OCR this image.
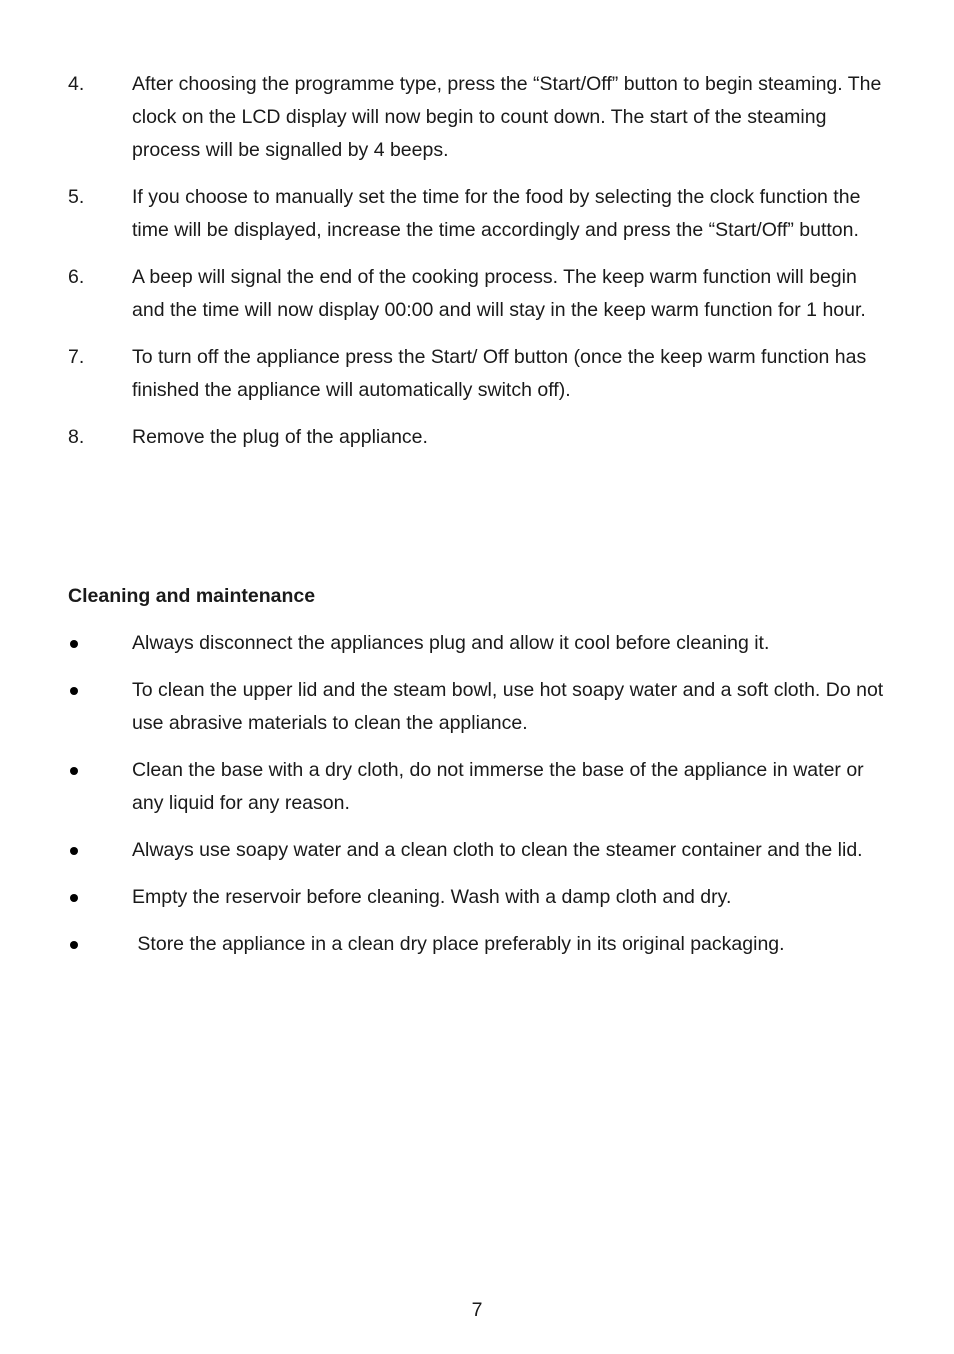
4.	After choosing the programme type, press the “Start/Off” button to begin steaming. The clock on the LCD display will now begin to count down. The start of the steaming process will be signalled by 4 beeps.
5.	If you choose to manually set the time for the food by selecting the clock function the time will be displayed, increase the time accordingly and press the “Start/Off” button.
6.	A beep will signal the end of the cooking process. The keep warm function will begin and the time will now display 00:00 and will stay in the keep warm function for 1 hour.
7.	To turn off the appliance press the Start/ Off button (once the keep warm function has finished the appliance will automatically switch off).
8.	Remove the plug of the appliance.
Cleaning and maintenance
Always disconnect the appliances plug and allow it cool before cleaning it.
To clean the upper lid and the steam bowl, use hot soapy water and a soft cloth. Do not use abrasive materials to clean the appliance.
Clean the base with a dry cloth, do not immerse the base of the appliance in water or any liquid for any reason.
Always use soapy water and a clean cloth to clean the steamer container and the lid.
Empty the reservoir before cleaning. Wash with a damp cloth and dry.
Store the appliance in a clean dry place preferably in its original packaging.
7
